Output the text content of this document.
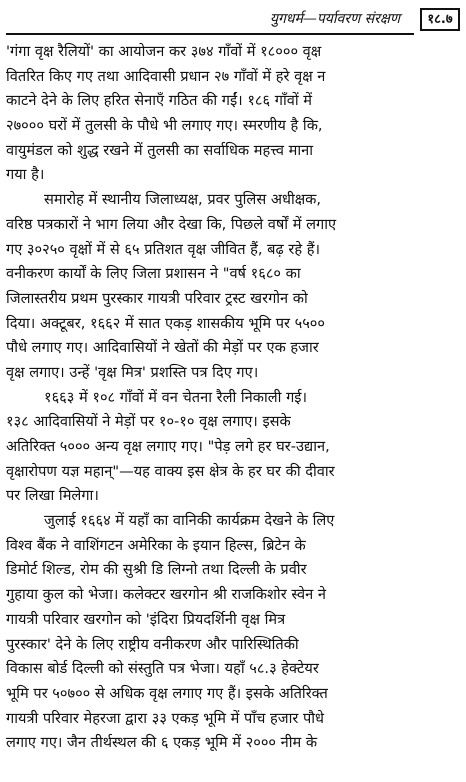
युगधर्म—पर्यावरण संरक्षण	१८.७
'गंगा वृक्ष रैलियों' का आयोजन कर ३७४ गाँवों में १८००० वृक्ष
वितरित किए गए तथा आदिवासी प्रधान २७ गाँवों में हरे वृक्ष न
काटने देने के लिए हरित सेनाएँ गठित की गईं। १८६ गाँवों में
२७००० घरों में तुलसी के पौधे भी लगाए गए। स्मरणीय है कि,
वायुमंडल को शुद्ध रखने में तुलसी का सर्वाधिक महत्त्व माना
गया है।
समारोह में स्थानीय जिलाध्यक्ष, प्रवर पुलिस अधीक्षक,
वरिष्ठ पत्रकारों ने भाग लिया और देखा कि, पिछले वर्षों में लगाए
गए ३०२५० वृक्षों में से ६५ प्रतिशत वृक्ष जीवित हैं, बढ़ रहे हैं।
वनीकरण कार्यों के लिए जिला प्रशासन ने "वर्ष १६८० का
जिलास्तरीय प्रथम पुरस्कार गायत्री परिवार ट्रस्ट खरगोन को
दिया। अक्टूबर, १६६२ में सात एकड़ शासकीय भूमि पर ५५००
पौधे लगाए गए। आदिवासियों ने खेतों की मेड़ों पर एक हजार
वृक्ष लगाए। उन्हें 'वृक्ष मित्र' प्रशस्ति पत्र दिए गए।
१६६३ में १०८ गाँवों में वन चेतना रैली निकाली गई।
१३८ आदिवासियों ने मेड़ों पर १०-१० वृक्ष लगाए। इसके
अतिरिक्त ५००० अन्य वृक्ष लगाए गए। "पेड़ लगे हर घर-उद्यान,
वृक्षारोपण यज्ञ महान्"—यह वाक्य इस क्षेत्र के हर घर की दीवार
पर लिखा मिलेगा।
जुलाई १६६४ में यहाँ का वानिकी कार्यक्रम देखने के लिए
विश्व बैंक ने वाशिंगटन अमेरिका के इयान हिल्स, ब्रिटेन के
डिमोर्ट शिल्ड, रोम की सुश्री डि लिग्नो तथा दिल्ली के प्रवीर
गुहाया कुल को भेजा। कलेक्टर खरगोन श्री राजकिशोर स्वेन ने
गायत्री परिवार खरगोन को 'इंदिरा प्रियदर्शिनी वृक्ष मित्र
पुरस्कार' देने के लिए राष्ट्रीय वनीकरण और पारिस्थितिकी
विकास बोर्ड दिल्ली को संस्तुति पत्र भेजा। यहाँ ५८.३ हेक्टेयर
भूमि पर ५०७०० से अधिक वृक्ष लगाए गए हैं। इसके अतिरिक्त
गायत्री परिवार मेहरजा द्वारा ३३ एकड़ भूमि में पाँच हजार पौधे
लगाए गए। जैन तीर्थस्थल की ६ एकड़ भूमि में २००० नीम के
